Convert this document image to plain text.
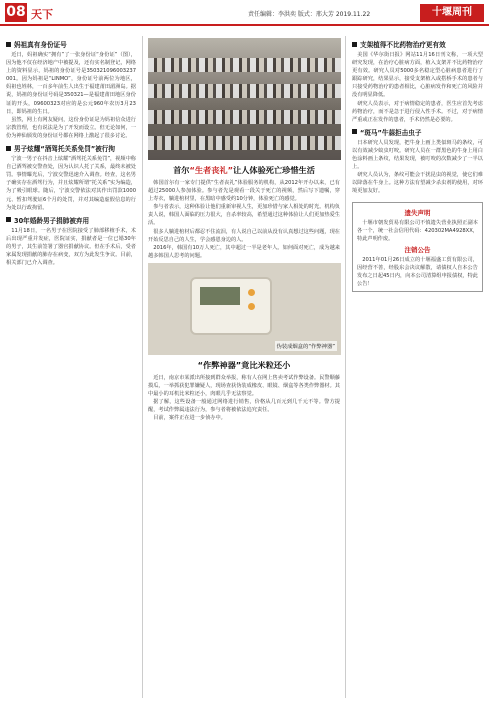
08 天下	责任编辑：李洪奕 版式：邢大芳 2019.11.22	十堰周刊
妈祖真有身份证号

近日，妈祖确实“拥有”了一张身份证“身份证”（图），因为他不仅在经济地产中被提及，还有实名制登记，网络上的资料显示，妈祖的身份证号是350321096003237001。因为妈祖是“LINMO”，身份证号前两位为地区，妈祖也姓林，一百多年前生人出生于福建莆田湄洲岛。据说，妈祖的身份证号码是350321—是福建莆田地区身份证的开头，09600323对应的是公元960年农历3月23日，即妈祖的生日。

虽然，网上有网友疑问，这份身份证是为妈祖信众进行宗教管理，也有说法是为了开发而设立。但无论如何，一份为神仙颁发的身份证号都在网络上激起了很多讨论。

男子炫耀“酒驾托关系免罚”被行拘

宁波一男子在抖音上炫耀“酒驾托关系免罚”，视频中称自己酒驾被交警查处，因为认识人托了关系，最终未被处罚。事情曝光后，宁波交警迅速介入调查。经查，这名男子确实存在酒驾行为，并且炫耀所谓“托关系”实为编造，为了吸引眼球。随后，宁波交警依法对其作出罚款1000元、暂扣驾驶证6个月的处罚，并对其编造虚假信息的行为处以行政拘留。

30年婚龄男子捐肺被弃用

11月18日，一名男子在医院接受了肺部移植手术，术后出现严重并发症，医院证实，捐献者是一位已婚30年的男子，其生前签署了器官捐献协议。但在手术后，受者家属发现捐献的肺存在病变，双方为此发生争议。目前，相关部门已介入调查。

首尔“生者丧礼”让人体验死亡珍惜生活

韩国首尔有一家专门提供“生者丧礼”体验服务的机构，从2012年开办以来，已有超过25000人参加体验。参与者先是观看一段关于死亡的视频，然后写下遗嘱，穿上寿衣，躺进棺材里，在黑暗中感受约10分钟，体验死亡的感觉。

参与者表示，这种体验让他们重新审视人生，更加珍惜与家人相处的时光。机构负责人说，韩国人面临的压力很大，自杀率较高，希望通过这种体验让人们更加热爱生活。

很多人躺进棺材后都忍不住流泪，有人说自己以前从没有认真想过这些问题，现在开始反思自己的人生，学会感恩身边的人。

2016年，韩国有10万人死亡，其中超过一半是老年人。如何面对死亡，成为越来越多韩国人思考的问题。

伪装成烟盒的“作弊神器”
“作弊神器”竟比米粒还小

近日，南京市某派出所接到群众举报，称有人在网上售卖考试作弊设备。民警顺藤摸瓜，一举抓获犯罪嫌疑人，现场查获伪装成橡皮、眼镜、烟盒等各类作弊器材。其中最小的耳机比米粒还小，肉眼几乎无法察觉。

据了解，这些设备一般通过网络进行销售，价格从几百元到几千元不等。警方提醒，考试作弊属违法行为，参与者将被依法追究责任。

目前，案件正在进一步侦办中。

支架植得不比药物治疗更有效

美国《华尔街日报》网站11月16日刊文称，一项大型研究发现，在治疗心脏病方面，植入支架并不比药物治疗更有效。研究人员对5000多名稳定型心脏病患者进行了跟踪研究，结果显示，接受支架植入或搭桥手术的患者与只接受药物治疗的患者相比，心脏病发作和死亡的风险并没有明显降低。

研究人员表示，对于病情稳定的患者，医生应首先考虑药物治疗，而不是急于进行侵入性手术。不过，对于病情严重或正在发作的患者，手术仍然是必要的。

“斑马”牛蒜拒击虫子

日本研究人员发现，把牛身上画上类似斑马的条纹，可以有效减少蚊虫叮咬。研究人员在一群黑色的牛身上用白色涂料画上条纹，结果发现，被叮咬的次数减少了一半以上。

研究人员认为，条纹可能会干扰昆虫的视觉，使它们难以降落在牛身上。这种方法有望减少杀虫剂的使用，对环境更加友好。

遗失声明

十堰市朝发贸易有限公司不慎遗失营业执照正副本各一个，统一社会信用代码：420302MA4928XX，特此声明作废。

注销公告

2011年01月26日成立的十堰福盛工贸有限公司，因经营不善，经股东会决议解散，请债权人自本公告发布之日起45日内，向本公司清算组申报债权，特此公告！
